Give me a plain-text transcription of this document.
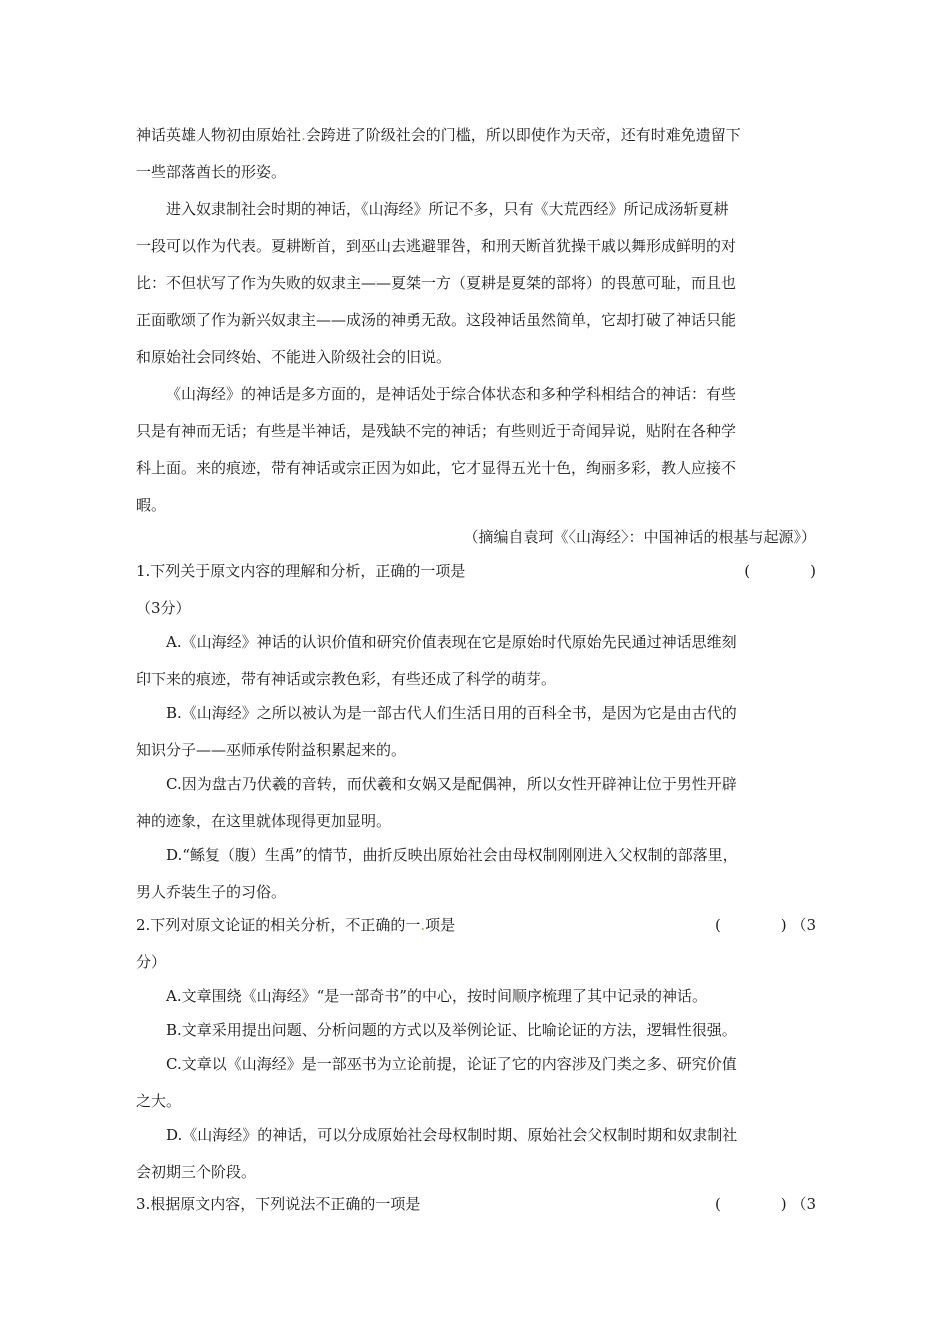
神话英雄人物初由原始社.会跨进了阶级社会的门槛，所以即使作为天帝，还有时难免遗留下
一些部落酋长的形姿。
进入奴隶制社会时期的神话，《山海经》所记不多，只有《大荒西经》所记成汤斩夏耕
一段可以作为代表。夏耕断首，到巫山去逃避罪咎，和刑天断首犹操干戚以舞形成鲜明的对
比：不但状写了作为失败的奴隶主——夏桀一方（夏耕是夏桀的部将）的畏葸可耻，而且也
正面歌颂了作为新兴奴隶主——成汤的神勇无敌。这段神话虽然简单，它却打破了神话只能
和原始社会同终始、不能进入阶级社会的旧说。
《山海经》的神话是多方面的，是神话处于综合体状态和多种学科相结合的神话：有些
只是有神而无话；有些是半神话，是残缺不完的神话；有些则近于奇闻异说，贴附在各种学
科上面。来的痕迹，带有神话或宗正因为如此，它才显得五光十色，绚丽多彩，教人应接不
暇。
（摘编自袁珂《〈山海经〉：中国神话的根基与起源》）
1.下列关于原文内容的理解和分析，正确的一项是	(　　　　)
（3分）
A.《山海经》神话的认识价值和研究价值表现在它是原始时代原始先民通过神话思维刻
印下来的痕迹，带有神话或宗教色彩，有些还成了科学的萌芽。
B.《山海经》之所以被认为是一部古代人们生活日用的百科全书，是因为它是由古代的
知识分子——巫师承传附益积累起来的。
C.因为盘古乃伏羲的音转，而伏羲和女娲又是配偶神，所以女性开辟神让位于男性开辟
神的迹象，在这里就体现得更加显明。
D.“鲧复（腹）生禹”的情节，曲折反映出原始社会由母权制刚刚进入父权制的部落里，
男人乔装生子的习俗。
2.下列对原文论证的相关分析，不正确的一.项是	(　　　　) （3
分）
A.文章围绕《山海经》“是一部奇书”的中心，按时间顺序梳理了其中记录的神话。
B.文章采用提出问题、分析问题的方式以及举例论证、比喻论证的方法，逻辑性很强。
C.文章以《山海经》是一部巫书为立论前提，论证了它的内容涉及门类之多、研究价值
之大。
D.《山海经》的神话，可以分成原始社会母权制时期、原始社会父权制时期和奴隶制社
会初期三个阶段。
3.根据原文内容，下列说法不正确的一项是	(　　　　) （3
